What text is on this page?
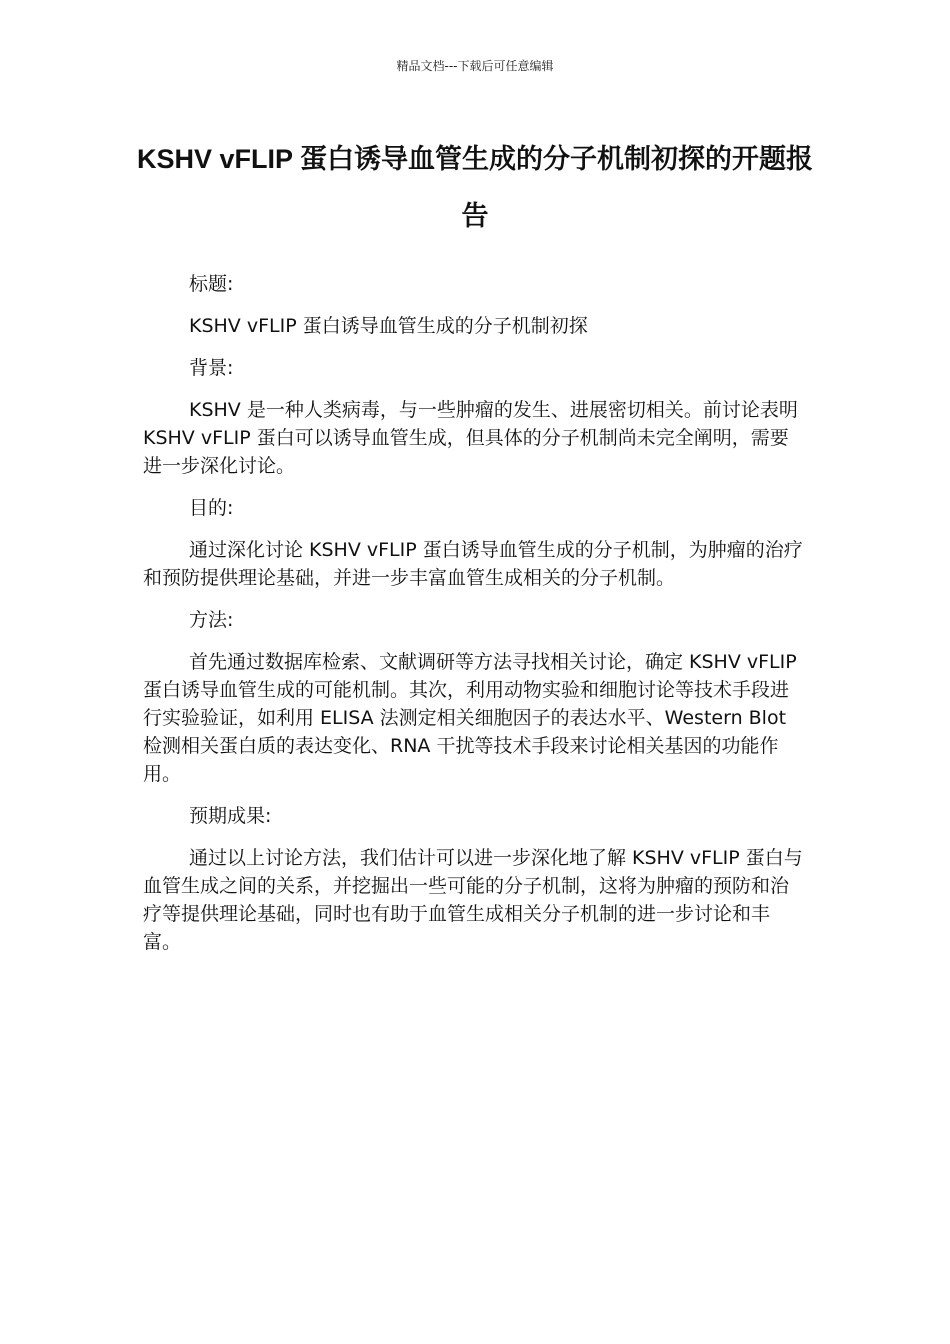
精品文档---下载后可任意编辑
KSHV vFLIP 蛋白诱导血管生成的分子机制初探的开题报告

标题:

KSHV vFLIP 蛋白诱导血管生成的分子机制初探

背景:

KSHV 是一种人类病毒，与一些肿瘤的发生、进展密切相关。前讨论表明 KSHV vFLIP 蛋白可以诱导血管生成，但具体的分子机制尚未完全阐明，需要进一步深化讨论。

目的:

通过深化讨论 KSHV vFLIP 蛋白诱导血管生成的分子机制，为肿瘤的治疗和预防提供理论基础，并进一步丰富血管生成相关的分子机制。

方法:

首先通过数据库检索、文献调研等方法寻找相关讨论，确定 KSHV vFLIP 蛋白诱导血管生成的可能机制。其次，利用动物实验和细胞讨论等技术手段进行实验验证，如利用 ELISA 法测定相关细胞因子的表达水平、Western Blot 检测相关蛋白质的表达变化、RNA 干扰等技术手段来讨论相关基因的功能作用。

预期成果:

通过以上讨论方法，我们估计可以进一步深化地了解 KSHV vFLIP 蛋白与血管生成之间的关系，并挖掘出一些可能的分子机制，这将为肿瘤的预防和治疗等提供理论基础，同时也有助于血管生成相关分子机制的进一步讨论和丰富。
